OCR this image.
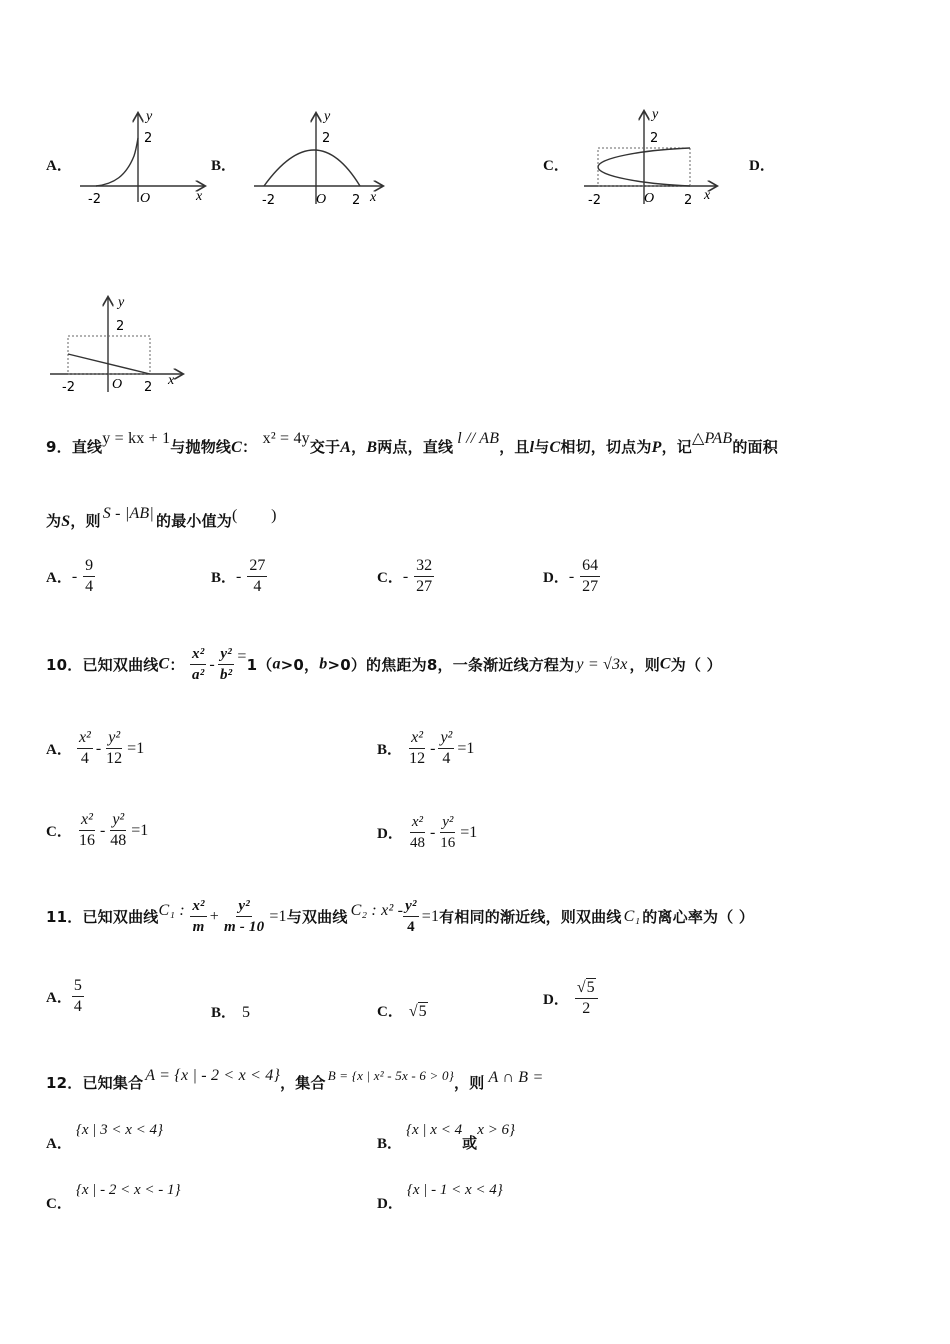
A．
y
2
-2	O	x
B．
y
2
-2	O 2 x
C．
y
2
-2	O 2 x
D．
y
2
-2	O 2 x
9．直线y = kx + 1与抛物线C： x² = 4y交于A，B两点，直线 l // AB，且l与C相切，切点为P，记△PAB的面积
为S，则 S - |AB| 的最小值为(        )
A．- $\frac{9}{4}$	B．- $\frac{27}{4}$	C．- $\frac{32}{27}$	D．- $\frac{64}{27}$
10．已知双曲线C： $\frac{\text{x²}}{\text{a²}} - \frac{\text{y²}}{\text{b²}} =1(a>0$，b>0）的焦距为8，一条渐近线方程为 y = √3x ，则C为（ ）
A． $\frac{\text{x²}}{4} - \frac{\text{y²}}{12} =1$	B． $\frac{\text{x²}}{12} - \frac{\text{y²}}{4} =1$
C． $\frac{\text{x²}}{16} - \frac{\text{y²}}{48} =1$	D． $\frac{\text{x²}}{48} - \frac{\text{y²}}{16} =1$
11．已知双曲线C₁ : $\frac{\text{x²}}{m} + \frac{\text{y²}}{m - 10} =1$与双曲线 C₂ : $x^2 - \frac{\text{y²}}{4} =1$有相同的渐近线，则双曲线 C₁ 的离心率为（ ）
A． $\frac{5}{4}$	B． 5	C． √5
D． $\frac{√5}{2}$
12．已知集合 A = {x | - 2 < x < 4}，集合 B = {x | x² - 5x - 6 > 0}，则 A ∩ B =
A．{x | 3 < x < 4}
B．{x | x < 4或x > 6}
C．{x | - 2 < x < - 1}
D．{x | - 1 < x < 4}
